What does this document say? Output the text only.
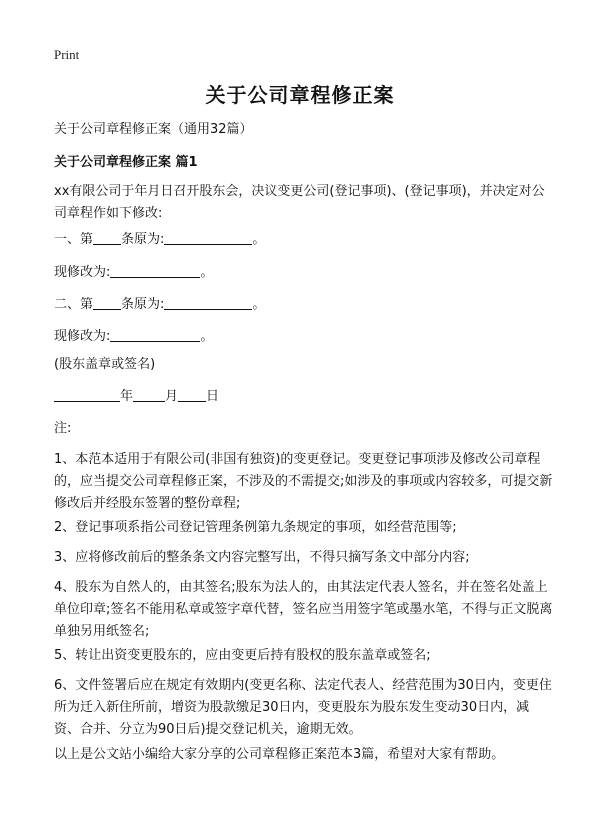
Print
关于公司章程修正案
关于公司章程修正案（通用32篇）
关于公司章程修正案 篇1
xx有限公司于年月日召开股东会，决议变更公司(登记事项)、(登记事项)，并决定对公司章程作如下修改:
一、第 条原为:	。
现修改为:	。
二、第 条原为:	。
现修改为:	。
(股东盖章或签名)
年 月 日
注:
1、本范本适用于有限公司(非国有独资)的变更登记。变更登记事项涉及修改公司章程的，应当提交公司章程修正案，不涉及的不需提交;如涉及的事项或内容较多，可提交新修改后并经股东签署的整份章程;
2、登记事项系指公司登记管理条例第九条规定的事项，如经营范围等;
3、应将修改前后的整条条文内容完整写出，不得只摘写条文中部分内容;
4、股东为自然人的，由其签名;股东为法人的，由其法定代表人签名，并在签名处盖上单位印章;签名不能用私章或签字章代替，签名应当用签字笔或墨水笔，不得与正文脱离单独另用纸签名;
5、转让出资变更股东的，应由变更后持有股权的股东盖章或签名;
6、文件签署后应在规定有效期内(变更名称、法定代表人、经营范围为30日内，变更住所为迁入新住所前，增资为股款缴足30日内，变更股东为股东发生变动30日内，减资、合并、分立为90日后)提交登记机关，逾期无效。
以上是公文站小编给大家分享的公司章程修正案范本3篇，希望对大家有帮助。
